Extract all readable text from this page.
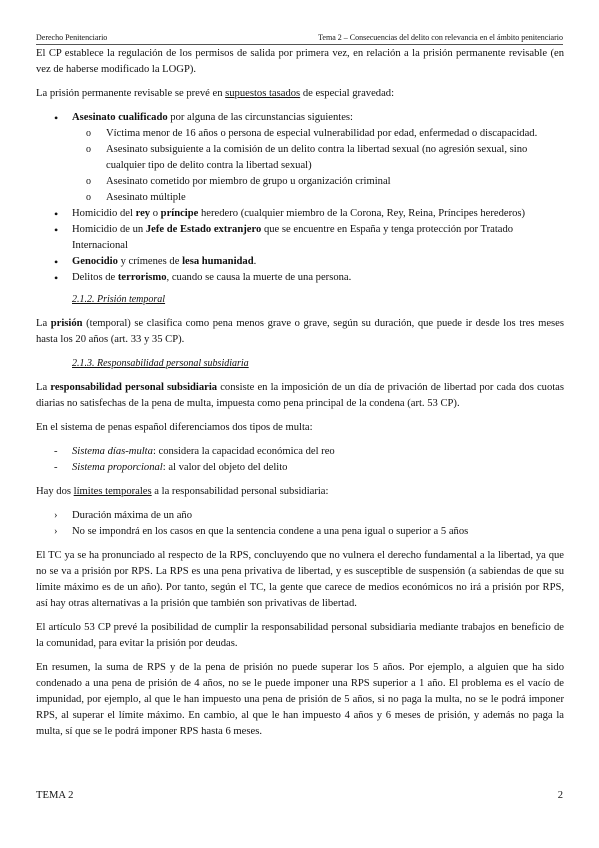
Derecho Penitenciario	Tema 2 – Consecuencias del delito con relevancia en el ámbito penitenciario

El CP establece la regulación de los permisos de salida por primera vez, en relación a la prisión permanente revisable (en vez de haberse modificado la LOGP).

La prisión permanente revisable se prevé en supuestos tasados de especial gravedad:

• Asesinato cualificado por alguna de las circunstancias siguientes:
o Víctima menor de 16 años o persona de especial vulnerabilidad por edad, enfermedad o discapacidad.
o Asesinato subsiguiente a la comisión de un delito contra la libertad sexual (no agresión sexual, sino cualquier tipo de delito contra la libertad sexual)
o Asesinato cometido por miembro de grupo u organización criminal
o Asesinato múltiple
• Homicidio del rey o príncipe heredero (cualquier miembro de la Corona, Rey, Reina, Príncipes herederos)
• Homicidio de un Jefe de Estado extranjero que se encuentre en España y tenga protección por Tratado Internacional
• Genocidio y crímenes de lesa humanidad.
• Delitos de terrorismo, cuando se causa la muerte de una persona.
2.1.2. Prisión temporal

La prisión (temporal) se clasifica como pena menos grave o grave, según su duración, que puede ir desde los tres meses hasta los 20 años (art. 33 y 35 CP).

2.1.3. Responsabilidad personal subsidiaria

La responsabilidad personal subsidiaria consiste en la imposición de un día de privación de libertad por cada dos cuotas diarias no satisfechas de la pena de multa, impuesta como pena principal de la condena (art. 53 CP).

En el sistema de penas español diferenciamos dos tipos de multa:

- Sistema días-multa: considera la capacidad económica del reo
- Sistema proporcional: al valor del objeto del delito

Hay dos límites temporales a la responsabilidad personal subsidiaria:

› Duración máxima de un año
› No se impondrá en los casos en que la sentencia condene a una pena igual o superior a 5 años

El TC ya se ha pronunciado al respecto de la RPS, concluyendo que no vulnera el derecho fundamental a la libertad, ya que no se va a prisión por RPS. La RPS es una pena privativa de libertad, y es susceptible de suspensión (a sabiendas de que su límite máximo es de un año). Por tanto, según el TC, la gente que carece de medios económicos no irá a prisión por RPS, así hay otras alternativas a la prisión que también son privativas de libertad.

El artículo 53 CP prevé la posibilidad de cumplir la responsabilidad personal subsidiaria mediante trabajos en beneficio de la comunidad, para evitar la prisión por deudas.

En resumen, la suma de RPS y de la pena de prisión no puede superar los 5 años. Por ejemplo, a alguien que ha sido condenado a una pena de prisión de 4 años, no se le puede imponer una RPS superior a 1 año. El problema es el vacío de impunidad, por ejemplo, al que le han impuesto una pena de prisión de 5 años, si no paga la multa, no se le podrá imponer RPS, al superar el límite máximo. En cambio, al que le han impuesto 4 años y 6 meses de prisión, y además no paga la multa, sí que se le podrá imponer RPS hasta 6 meses.

TEMA 2	2
